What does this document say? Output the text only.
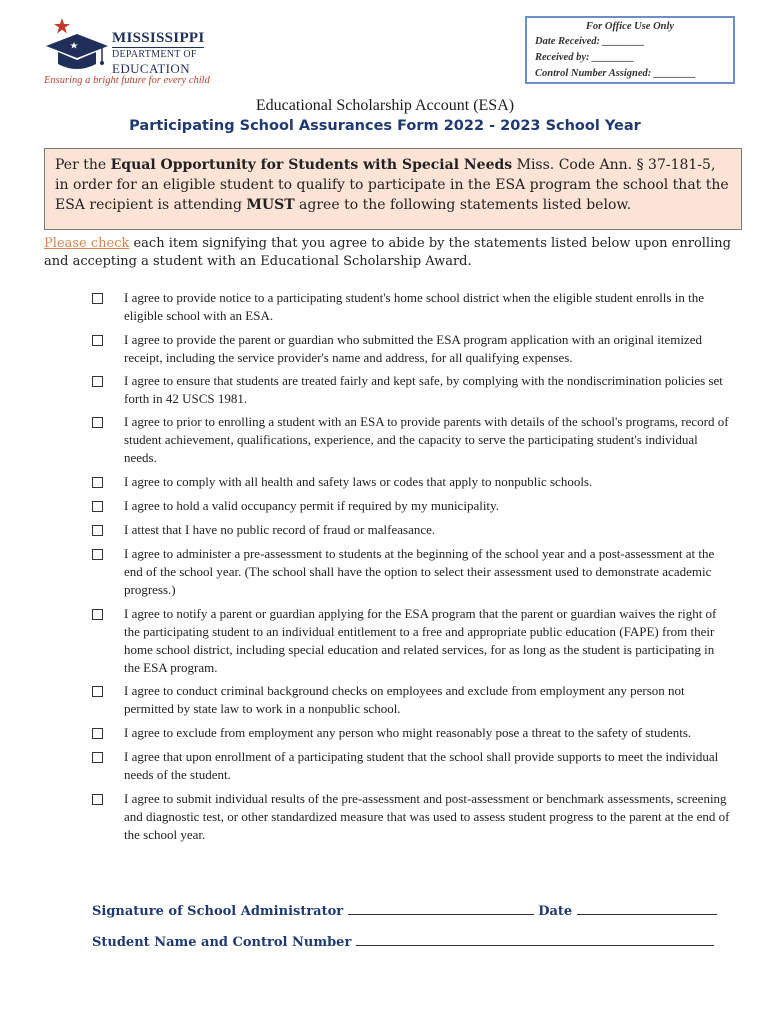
MISSISSIPPI
DEPARTMENT OF
EDUCATION
Ensuring a bright future for every child
For Office Use Only
Date Received: ________
Received by: ________
Control Number Assigned: ________
Educational Scholarship Account (ESA)
Participating School Assurances Form 2022 - 2023 School Year
Per the Equal Opportunity for Students with Special Needs Miss. Code Ann. § 37-181-5, in order for an eligible student to qualify to participate in the ESA program the school that the ESA recipient is attending MUST agree to the following statements listed below.
Please check each item signifying that you agree to abide by the statements listed below upon enrolling and accepting a student with an Educational Scholarship Award.
I agree to provide notice to a participating student's home school district when the eligible student enrolls in the eligible school with an ESA.
I agree to provide the parent or guardian who submitted the ESA program application with an original itemized receipt, including the service provider's name and address, for all qualifying expenses.
I agree to ensure that students are treated fairly and kept safe, by complying with the nondiscrimination policies set forth in 42 USCS 1981.
I agree to prior to enrolling a student with an ESA to provide parents with details of the school's programs, record of student achievement, qualifications, experience, and the capacity to serve the participating student's individual needs.
I agree to comply with all health and safety laws or codes that apply to nonpublic schools.
I agree to hold a valid occupancy permit if required by my municipality.
I attest that I have no public record of fraud or malfeasance.
I agree to administer a pre-assessment to students at the beginning of the school year and a post-assessment at the end of the school year. (The school shall have the option to select their assessment used to demonstrate academic progress.)
I agree to notify a parent or guardian applying for the ESA program that the parent or guardian waives the right of the participating student to an individual entitlement to a free and appropriate public education (FAPE) from their home school district, including special education and related services, for as long as the student is participating in the ESA program.
I agree to conduct criminal background checks on employees and exclude from employment any person not permitted by state law to work in a nonpublic school.
I agree to exclude from employment any person who might reasonably pose a threat to the safety of students.
I agree that upon enrollment of a participating student that the school shall provide supports to meet the individual needs of the student.
I agree to submit individual results of the pre-assessment and post-assessment or benchmark assessments, screening and diagnostic test, or other standardized measure that was used to assess student progress to the parent at the end of the school year.
Signature of School Administrator	Date
Student Name and Control Number
